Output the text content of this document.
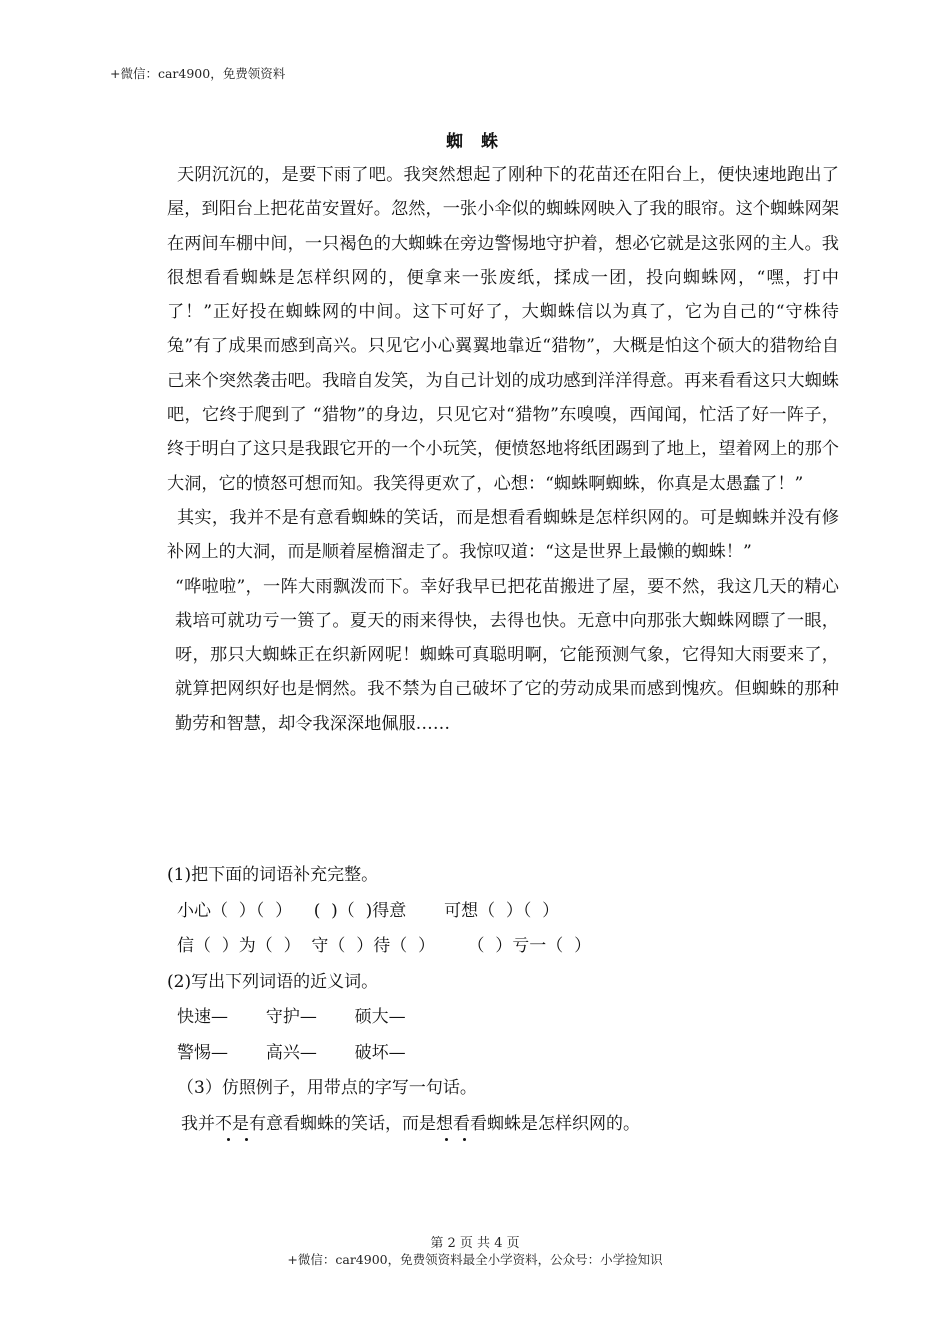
+微信：car4900，免费领资料
蜘 蛛

天阴沉沉的，是要下雨了吧。我突然想起了刚种下的花苗还在阳台上，便快速地跑出了屋，到阳台上把花苗安置好。忽然，一张小伞似的蜘蛛网映入了我的眼帘。这个蜘蛛网架在两间车棚中间，一只褐色的大蜘蛛在旁边警惕地守护着，想必它就是这张网的主人。我很想看看蜘蛛是怎样织网的，便拿来一张废纸，揉成一团，投向蜘蛛网，“嘿，打中了！”正好投在蜘蛛网的中间。这下可好了，大蜘蛛信以为真了，它为自己的“守株待兔”有了成果而感到高兴。只见它小心翼翼地靠近“猎物”，大概是怕这个硕大的猎物给自己来个突然袭击吧。我暗自发笑，为自己计划的成功感到洋洋得意。再来看看这只大蜘蛛吧，它终于爬到了 “猎物”的身边，只见它对“猎物”东嗅嗅，西闻闻，忙活了好一阵子，终于明白了这只是我跟它开的一个小玩笑，便愤怒地将纸团踢到了地上，望着网上的那个大洞，它的愤怒可想而知。我笑得更欢了，心想：“蜘蛛啊蜘蛛，你真是太愚蠢了！”

其实，我并不是有意看蜘蛛的笑话，而是想看看蜘蛛是怎样织网的。可是蜘蛛并没有修补网上的大洞，而是顺着屋檐溜走了。我惊叹道：“这是世界上最懒的蜘蛛！”

“哗啦啦”，一阵大雨飘泼而下。幸好我早已把花苗搬进了屋，要不然，我这几天的精心栽培可就功亏一篑了。夏天的雨来得快，去得也快。无意中向那张大蜘蛛网瞟了一眼，呀，那只大蜘蛛正在织新网呢！蜘蛛可真聪明啊，它能预测气象，它得知大雨要来了，就算把网织好也是惘然。我不禁为自己破坏了它的劳动成果而感到愧疚。但蜘蛛的那种勤劳和智慧，却令我深深地佩服……

(1)把下面的词语补充完整。

小心（  ）（  ）    (  )（  )得意       可想（  ）（  ）

信（  ）为（  ）  守（  ）待（  ）      （  ）亏一（  ）

(2)写出下列词语的近义词。

快速—       守护—       硕大—

警惕—       高兴—       破坏—

（3）仿照例子，用带点的字写一句话。

我并不是有意看蜘蛛的笑话，而是想看看蜘蛛是怎样织网的。

第 2 页 共 4 页
+微信：car4900，免费领资料最全小学资料，公众号：小学捡知识
